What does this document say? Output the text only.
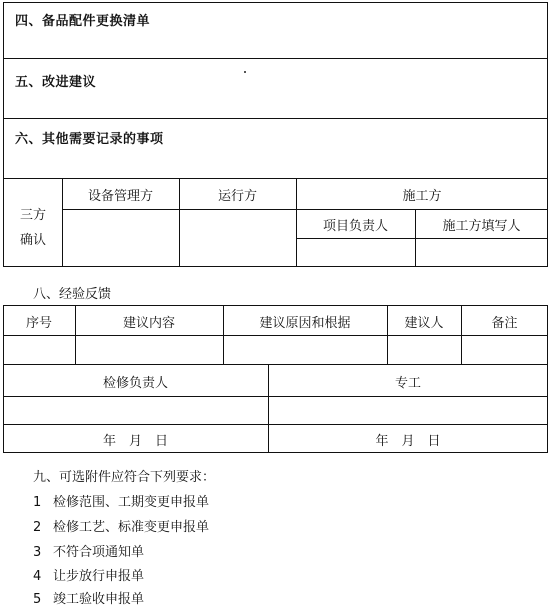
四、备品配件更换清单
五、改进建议
六、其他需要记录的事项
三方
确认
设备管理方	运行方	施工方
项目负责人	施工方填写人
八、经验反馈
序号	建议内容	建议原因和根据	建议人	备注
检修负责人	专工
年　月　日	年　月　日
九、可选附件应符合下列要求：
1 检修范围、工期变更申报单
2 检修工艺、标准变更申报单
3 不符合项通知单
4 让步放行申报单
5 竣工验收申报单
